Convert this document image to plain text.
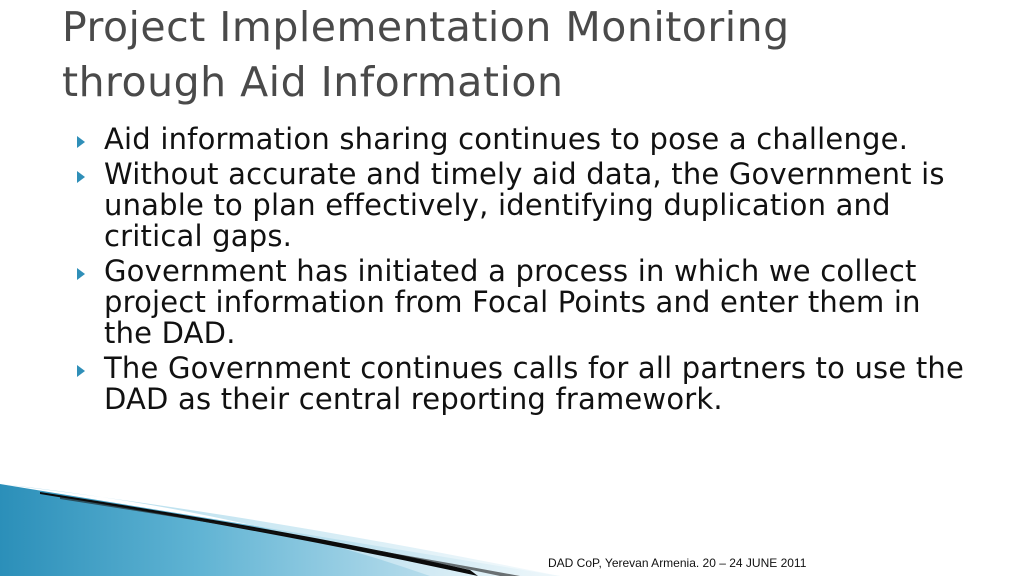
Project Implementation Monitoring
through Aid Information
Aid information sharing continues to pose a challenge.
Without accurate and timely aid data, the Government is unable to plan effectively, identifying duplication and critical gaps.
Government has initiated a process in which we collect project information from Focal Points and enter them in the DAD.
The Government continues calls for all partners to use the DAD as their central reporting framework.
DAD CoP, Yerevan Armenia. 20 – 24 JUNE 2011
